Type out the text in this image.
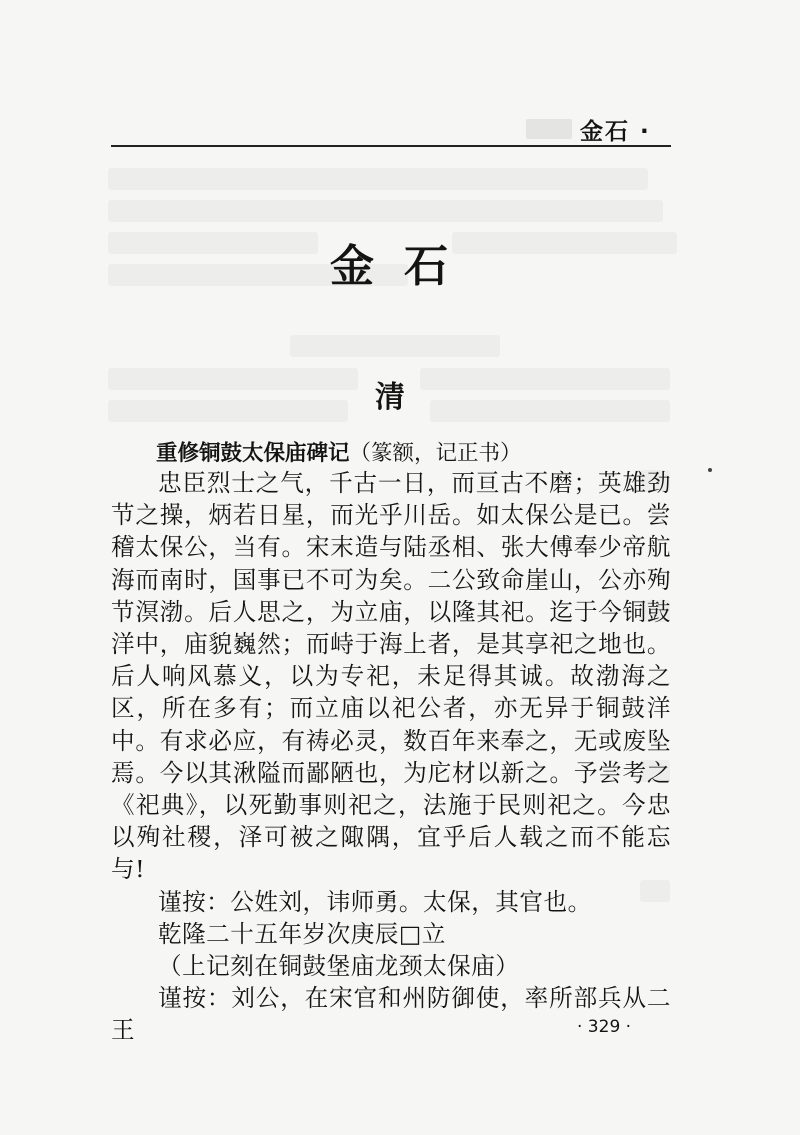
金石 ·
金石
清
重修铜鼓太保庙碑记（篆额，记正书）

忠臣烈士之气，千古一日，而亘古不磨；英雄劲节之操，炳若日星，而光乎川岳。如太保公是已。尝稽太保公，当有。宋末造与陆丞相、张大傅奉少帝航海而南时，国事已不可为矣。二公致命崖山，公亦殉节溟渤。后人思之，为立庙，以隆其祀。迄于今铜鼓洋中，庙貌巍然；而峙于海上者，是其享祀之地也。后人响风慕义，以为专祀，未足得其诚。故渤海之区，所在多有；而立庙以祀公者，亦无异于铜鼓洋中。有求必应，有祷必灵，数百年来奉之，无或废坠焉。今以其湫隘而鄙陋也，为庀材以新之。予尝考之《祀典》，以死勤事则祀之，法施于民则祀之。今忠以殉社稷，泽可被之陬隅，宜乎后人载之而不能忘与!

谨按：公姓刘，讳师勇。太保，其官也。

乾隆二十五年岁次庚辰□立

（上记刻在铜鼓堡庙龙颈太保庙）

谨按：刘公，在宋官和州防御使，率所部兵从二王	· 329 ·
